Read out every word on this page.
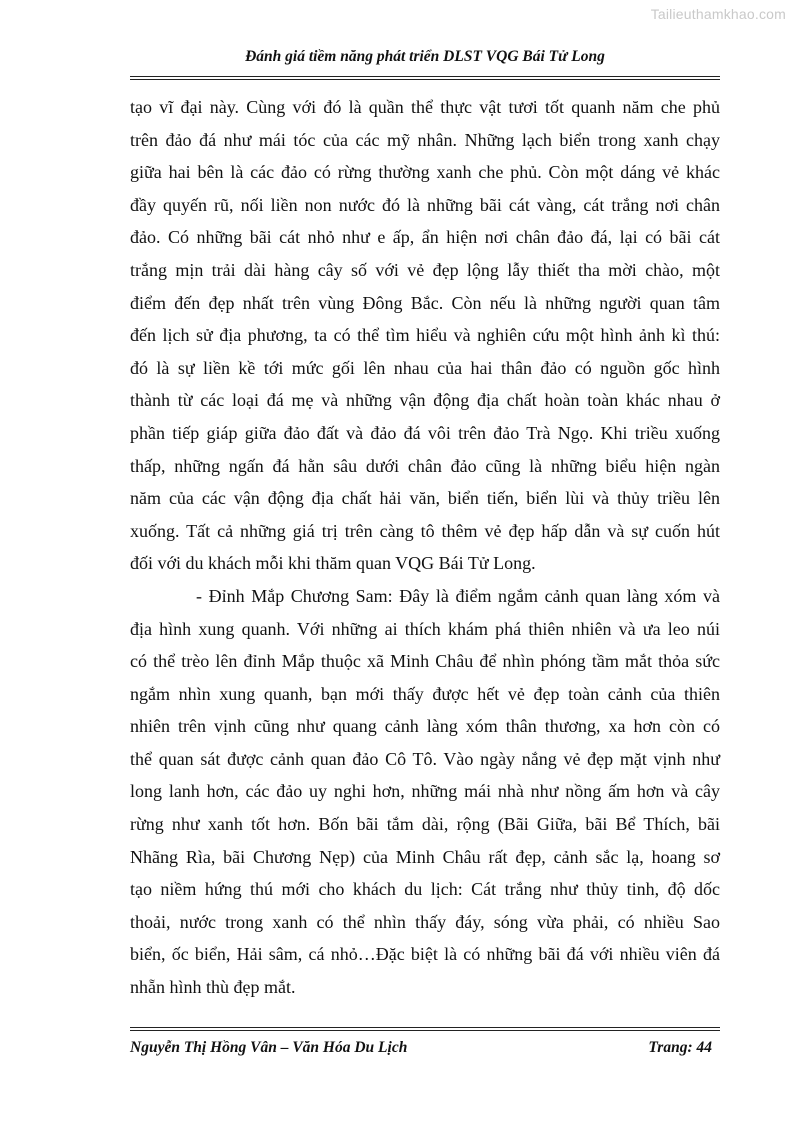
Tailieuthamkhao.com
Đánh giá tiềm năng phát triển DLST VQG Bái Tử Long
tạo vĩ đại này. Cùng với đó là quần thể thực vật tươi tốt quanh năm che phủ
trên đảo đá như mái tóc của các mỹ nhân. Những lạch biển trong xanh chạy
giữa hai bên là các đảo có rừng thường xanh che phủ. Còn một dáng vẻ khác
đầy quyến rũ, nối liền non nước đó là những bãi cát vàng, cát trắng nơi chân
đảo. Có những bãi cát nhỏ như e ấp, ẩn hiện nơi chân đảo đá, lại có bãi cát
trắng mịn trải dài hàng cây số với vẻ đẹp lộng lẫy thiết tha mời chào, một
điểm đến đẹp nhất trên vùng Đông Bắc. Còn nếu là những người quan tâm
đến lịch sử địa phương, ta có thể tìm hiểu và nghiên cứu một hình ảnh kì thú:
đó là sự liền kề tới mức gối lên nhau của hai thân đảo có nguồn gốc hình
thành từ các loại đá mẹ và những vận động địa chất hoàn toàn khác nhau ở
phần tiếp giáp giữa đảo đất và đảo đá vôi trên đảo Trà Ngọ. Khi triều xuống
thấp, những ngấn đá hằn sâu dưới chân đảo cũng là những biểu hiện ngàn
năm của các vận động địa chất hải văn, biển tiến, biển lùi và thủy triều lên
xuống. Tất cả những giá trị trên càng tô thêm vẻ đẹp hấp dẫn và sự cuốn hút
đối với du khách mỗi khi thăm quan VQG Bái Tử Long.
- Đỉnh Mắp Chương Sam: Đây là điểm ngắm cảnh quan làng xóm và
địa hình xung quanh. Với những ai thích khám phá thiên nhiên và ưa leo núi
có thể trèo lên đỉnh Mắp thuộc xã Minh Châu để nhìn phóng tầm mắt thỏa sức
ngắm nhìn xung quanh, bạn mới thấy được hết vẻ đẹp toàn cảnh của thiên
nhiên trên vịnh cũng như quang cảnh làng xóm thân thương, xa hơn còn có
thể quan sát được cảnh quan đảo Cô Tô. Vào ngày nắng vẻ đẹp mặt vịnh như
long lanh hơn, các đảo uy nghi hơn, những mái nhà như nồng ấm hơn và cây
rừng như xanh tốt hơn. Bốn bãi tắm dài, rộng (Bãi Giữa, bãi Bể Thích, bãi
Nhãng Rìa, bãi Chương Nẹp) của Minh Châu rất đẹp, cảnh sắc lạ, hoang sơ
tạo niềm hứng thú mới cho khách du lịch: Cát trắng như thủy tinh, độ dốc
thoải, nước trong xanh có thể nhìn thấy đáy, sóng vừa phải, có nhiều Sao
biển, ốc biển, Hải sâm, cá nhỏ…Đặc biệt là có những bãi đá với nhiều viên đá
nhẵn hình thù đẹp mắt.
Nguyễn Thị Hồng Vân – Văn Hóa Du Lịch	Trang: 44
